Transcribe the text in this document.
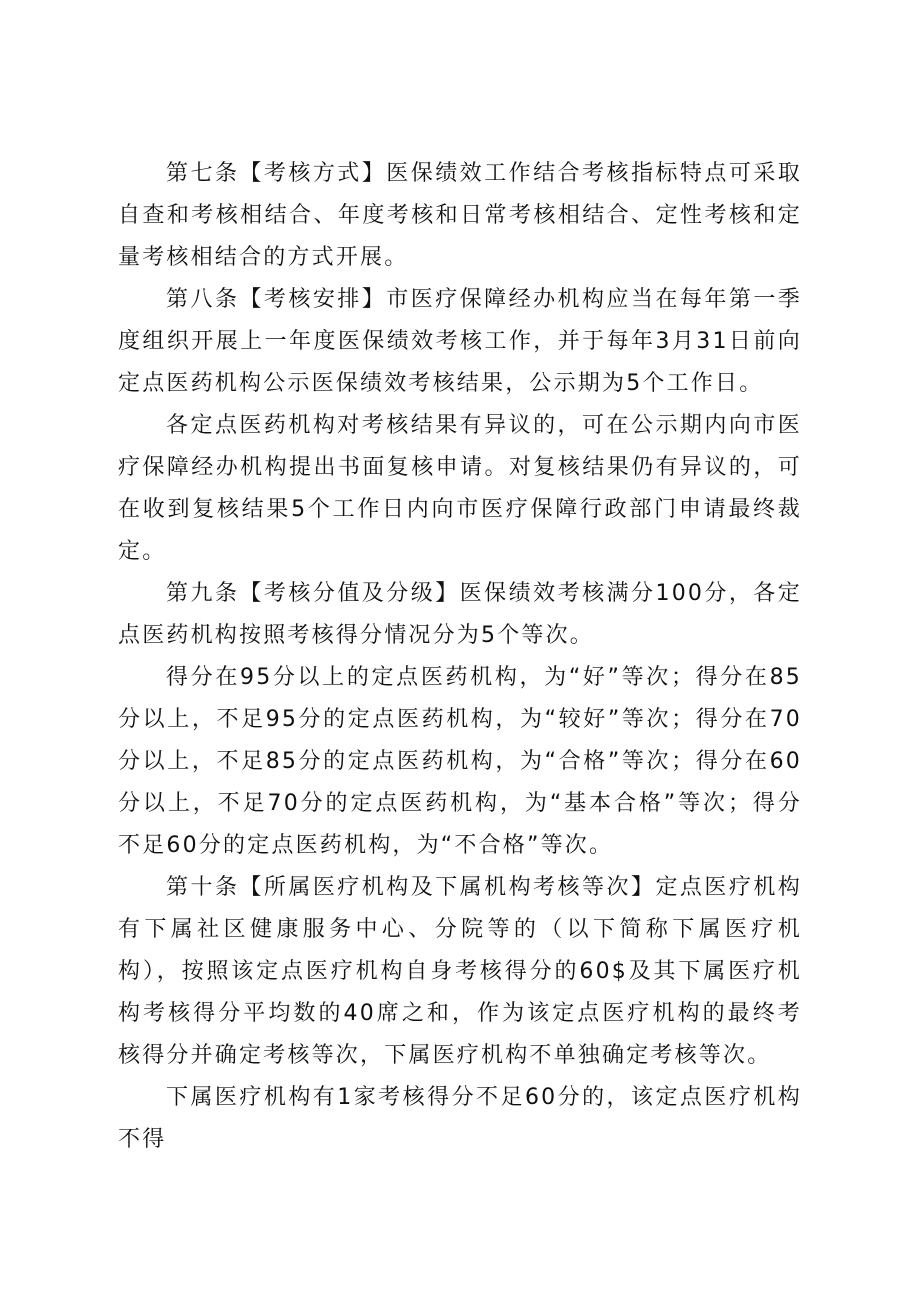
第七条【考核方式】医保绩效工作结合考核指标特点可采取自查和考核相结合、年度考核和日常考核相结合、定性考核和定量考核相结合的方式开展。

第八条【考核安排】市医疗保障经办机构应当在每年第一季度组织开展上一年度医保绩效考核工作，并于每年3月31日前向定点医药机构公示医保绩效考核结果，公示期为5个工作日。

各定点医药机构对考核结果有异议的，可在公示期内向市医疗保障经办机构提出书面复核申请。对复核结果仍有异议的，可在收到复核结果5个工作日内向市医疗保障行政部门申请最终裁定。

第九条【考核分值及分级】医保绩效考核满分100分，各定点医药机构按照考核得分情况分为5个等次。

得分在95分以上的定点医药机构，为“好”等次；得分在85分以上，不足95分的定点医药机构，为“较好”等次；得分在70分以上，不足85分的定点医药机构，为“合格”等次；得分在60分以上，不足70分的定点医药机构，为“基本合格”等次；得分不足60分的定点医药机构，为“不合格”等次。

第十条【所属医疗机构及下属机构考核等次】定点医疗机构有下属社区健康服务中心、分院等的（以下简称下属医疗机构），按照该定点医疗机构自身考核得分的60$及其下属医疗机构考核得分平均数的40席之和，作为该定点医疗机构的最终考核得分并确定考核等次，下属医疗机构不单独确定考核等次。

下属医疗机构有1家考核得分不足60分的，该定点医疗机构不得
